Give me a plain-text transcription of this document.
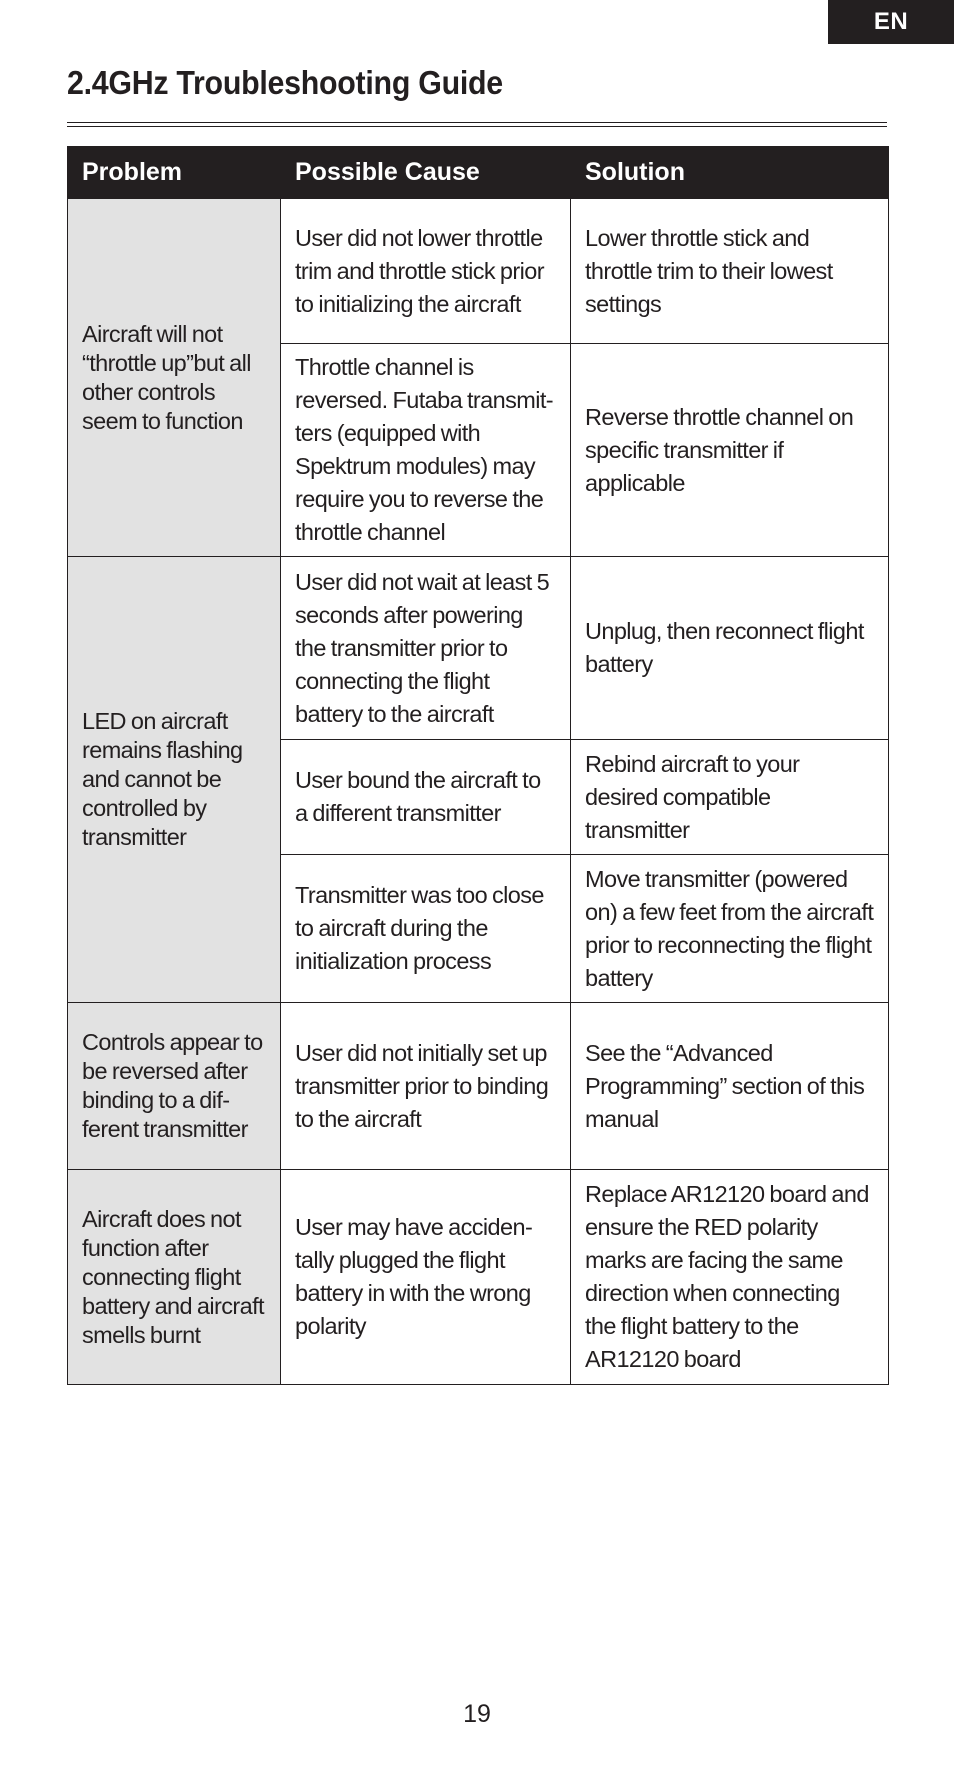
EN
2.4GHz Troubleshooting Guide
Problem	Possible Cause	Solution

Aircraft will not “throttle up”but all other controls seem to function	User did not lower throttle trim and throttle stick prior to initializing the aircraft	Lower throttle stick and throttle trim to their lowest settings

	Throttle channel is reversed. Futaba transmit-ters (equipped with Spektrum modules) may require you to reverse the throttle channel	Reverse throttle channel on specific transmitter if applicable

LED on aircraft remains flashing and cannot be controlled by transmitter	User did not wait at least 5 seconds after powering the transmitter prior to connecting the flight battery to the aircraft	Unplug, then reconnect flight battery

	User bound the aircraft to a different transmitter	Rebind aircraft to your desired compatible transmitter

	Transmitter was too close to aircraft during the initialization process	Move transmitter (powered on) a few feet from the aircraft prior to reconnecting the flight battery

Controls appear to be reversed after binding to a dif-ferent transmitter	User did not initially set up transmitter prior to binding to the aircraft	See the “Advanced Programming” section of this manual

Aircraft does not function after connecting flight battery and aircraft smells burnt	User may have acciden-tally plugged the flight battery in with the wrong polarity	Replace AR12120 board and ensure the RED polarity marks are facing the same direction when connecting the flight battery to the AR12120 board
19
